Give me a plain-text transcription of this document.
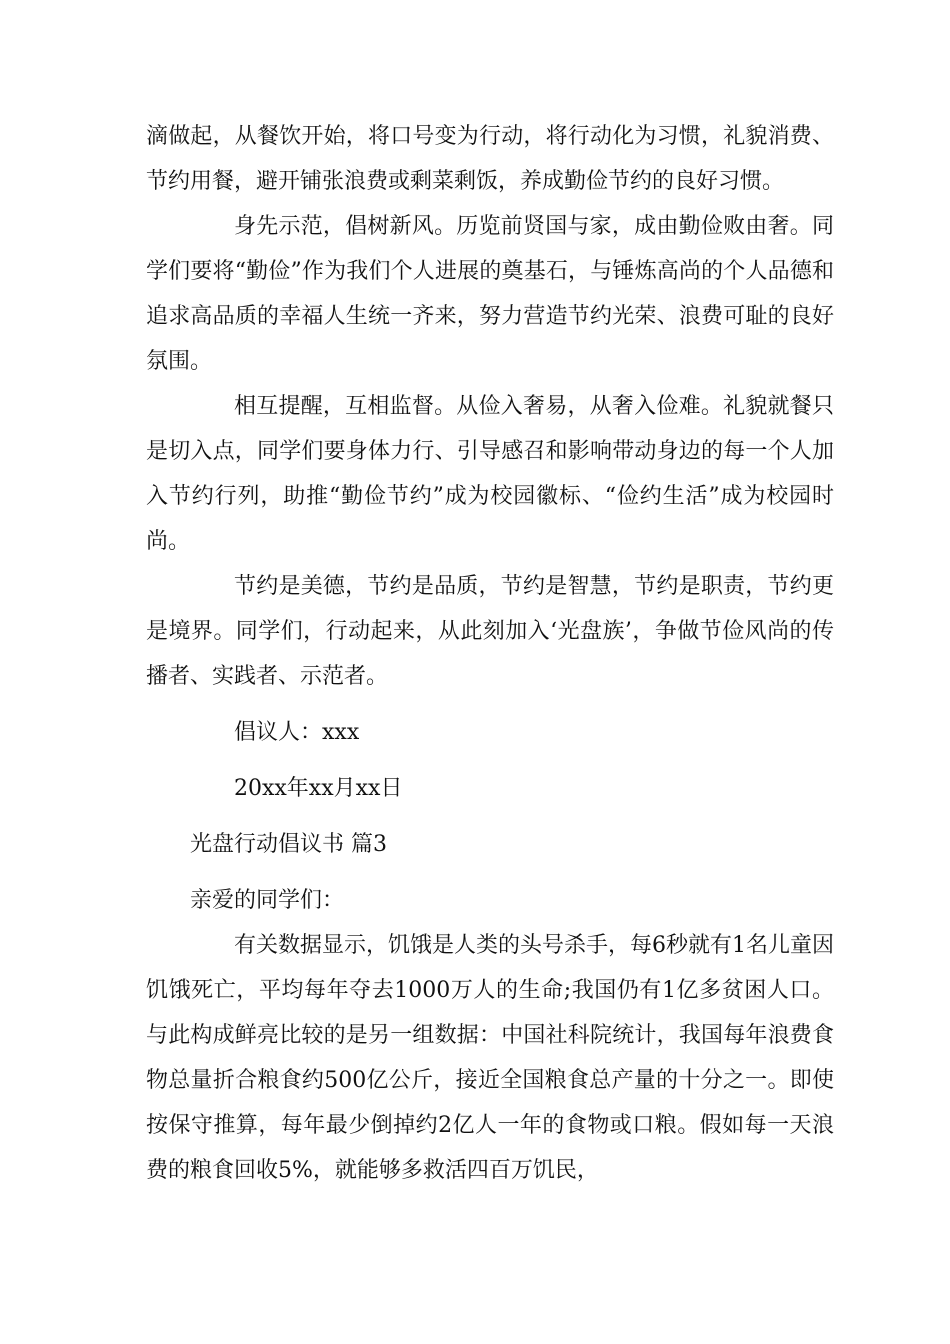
滴做起，从餐饮开始，将口号变为行动，将行动化为习惯，礼貌消费、节约用餐，避开铺张浪费或剩菜剩饭，养成勤俭节约的良好习惯。

身先示范，倡树新风。历览前贤国与家，成由勤俭败由奢。同学们要将“勤俭”作为我们个人进展的奠基石，与锤炼高尚的个人品德和追求高品质的幸福人生统一齐来，努力营造节约光荣、浪费可耻的良好氛围。

相互提醒，互相监督。从俭入奢易，从奢入俭难。礼貌就餐只是切入点，同学们要身体力行、引导感召和影响带动身边的每一个人加入节约行列，助推“勤俭节约”成为校园徽标、“俭约生活”成为校园时尚。

节约是美德，节约是品质，节约是智慧，节约是职责，节约更是境界。同学们，行动起来，从此刻加入‘光盘族’，争做节俭风尚的传播者、实践者、示范者。

倡议人：xxx

20xx年xx月xx日

光盘行动倡议书 篇3

亲爱的同学们：

有关数据显示，饥饿是人类的头号杀手，每6秒就有1名儿童因饥饿死亡，平均每年夺去1000万人的生命;我国仍有1亿多贫困人口。与此构成鲜亮比较的是另一组数据：中国社科院统计，我国每年浪费食物总量折合粮食约500亿公斤，接近全国粮食总产量的十分之一。即使按保守推算，每年最少倒掉约2亿人一年的食物或口粮。假如每一天浪费的粮食回收5%，就能够多救活四百万饥民，
